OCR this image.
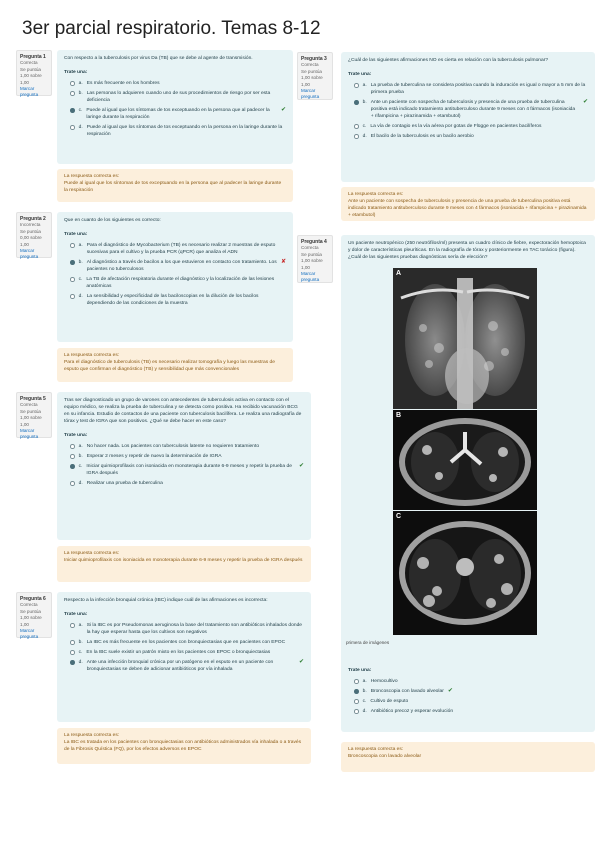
3er parcial respiratorio. Temas 8-12
Pregunta 1
Correcta
Se puntúa 1,00 sobre 1,00
Marcar pregunta
Con respecto a la tuberculosis por virus Da (TB) que se debe al agente de transmisión.
Trate una:
a. Es más frecuente en los hombres
b. Las personas lo adquieren cuando uno de sus procedimientos de riesgo por ser esta deficiencia
c. Puede al igual que los síntomas de tos exceptuando en la persona que al padecer la laringe durante la respiración
✔
d. Puede al igual que los síntomas de tos exceptuando en la persona en la laringe durante la respiración
La respuesta correcta es:
Puede al igual que los síntomas de tos exceptuando en la persona que al padecer la laringe durante la respiración
Pregunta 2
Incorrecta
Se puntúa 0,00 sobre 1,00
Marcar pregunta
Que en cuanto de los siguientes es correcto:
Trate una:
a. Para el diagnóstico de Mycobacterium (TB) es necesario realizar 2 muestras de esputo sucesivas para el cultivo y la prueba PCR (qPCR) que analiza el ADN
b. Al diagnóstico a través de bacilos a los que estuvieron en contacto con tratamiento. Los pacientes no tuberculosos
✘
c. La TB de afectación respiratoria durante el diagnóstico y la localización de las lesiones anatómicas
d. La sensibilidad y especificidad de las baciloscopias en la dilución de los bacilos dependiendo de las condiciones de la muestra
La respuesta correcta es:
Para el diagnóstico de tuberculosis (TB) es necesario realizar tomografía y luego las muestras de esputo que confirman el diagnóstico (TB) y sensibilidad que más convencionales
Pregunta 5
Correcta
Se puntúa 1,00 sobre 1,00
Marcar pregunta
Tras ser diagnosticado un grupo de varones con antecedentes de tuberculosis activa en contacto con el equipo médico, se realiza la prueba de tuberculina y se detecta como positiva. Ha recibido vacunación BCG en su infancia. Estudio de contactos de una paciente con tuberculosis bacilífera. Le realiza una radiografía de tórax y test de IGRA que son positivos. ¿Qué se debe hacer en este caso?
Trate una:
a. No hacer nada. Los pacientes con tuberculosis latente no requieren tratamiento
b. Esperar 2 meses y repetir de nuevo la determinación de IGRA
c. Iniciar quimioprofilaxis con isoniacida en monoterapia durante 6-9 meses y repetir la prueba de IGRA después
✔
d. Realizar una prueba de tuberculina
La respuesta correcta es:
Iniciar quimioprofilaxis con isoniacida en monoterapia durante 6-9 meses y repetir la prueba de IGRA después
Pregunta 6
Correcta
Se puntúa 1,00 sobre 1,00
Marcar pregunta
Respecto a la infección bronquial crónica (IBC) indique cuál de las afirmaciones es incorrecta:
Trate una:
a. Si la IBC es por Pseudomonas aeruginosa la base del tratamiento son antibióticos inhalados donde la hay que esperar hasta que los cultivos son negativos
b. La IBC es más frecuente en los pacientes con bronquiectasias que en pacientes con EPOC
c. En la IBC suele existir un patrón mixto en los pacientes con EPOC o bronquiectasias
d. Ante una infección bronquial crónica por un patógeno en el esputo en un paciente con bronquiectasias se deben de adicionar antibióticos por vía inhalada
✔
La respuesta correcta es:
La IBC es tratada en los pacientes con bronquiectasias con antibióticos administrados vía inhalada o a través de la Fibrosis Quística (FQ), por los efectos adversos en EPOC
Pregunta 3
Correcta
Se puntúa 1,00 sobre 1,00
Marcar pregunta
¿Cuál de las siguientes afirmaciones NO es cierta en relación con la tuberculosis pulmonar?
Trate una:
a. La prueba de tuberculina se considera positiva cuando la induración es igual o mayor a 5 mm de la primera prueba
b. Ante un paciente con sospecha de tuberculosis y presencia de una prueba de tuberculina positiva está indicado tratamiento antituberculoso durante 9 meses con 4 fármacos (isoniacida + rifampicina + pirazinamida + etambutol)
✔
c. La vía de contagio es la vía aérea por gotas de Flügge en pacientes bacilíferos
d. El bacilo de la tuberculosis es un bacilo aerobio
La respuesta correcta es:
Ante un paciente con sospecha de tuberculosis y presencia de una prueba de tuberculina positiva está indicado tratamiento antituberculoso durante 9 meses con 4 fármacos (isoniacida + rifampicina + pirazinamida + etambutol)
Pregunta 4
Correcta
Se puntúa 1,00 sobre 1,00
Marcar pregunta
Un paciente neutropénico (250 neutrófilos/ml) presenta un cuadro clínico de fiebre, expectoración hemoptoica y dolor de características pleuríticas. En la radiografía de tórax y posteriormente en TAC torácico (figura). ¿Cuál de las siguientes pruebas diagnósticas sería de elección?
A
B
C
primera de imágenes
Trate una:
a. Hemocultivo
b. Broncoscopia con lavado alveolar ✔
c. Cultivo de esputo
d. Antibiótico precoz y esperar evolución
La respuesta correcta es:
Broncoscopia con lavado alveolar
